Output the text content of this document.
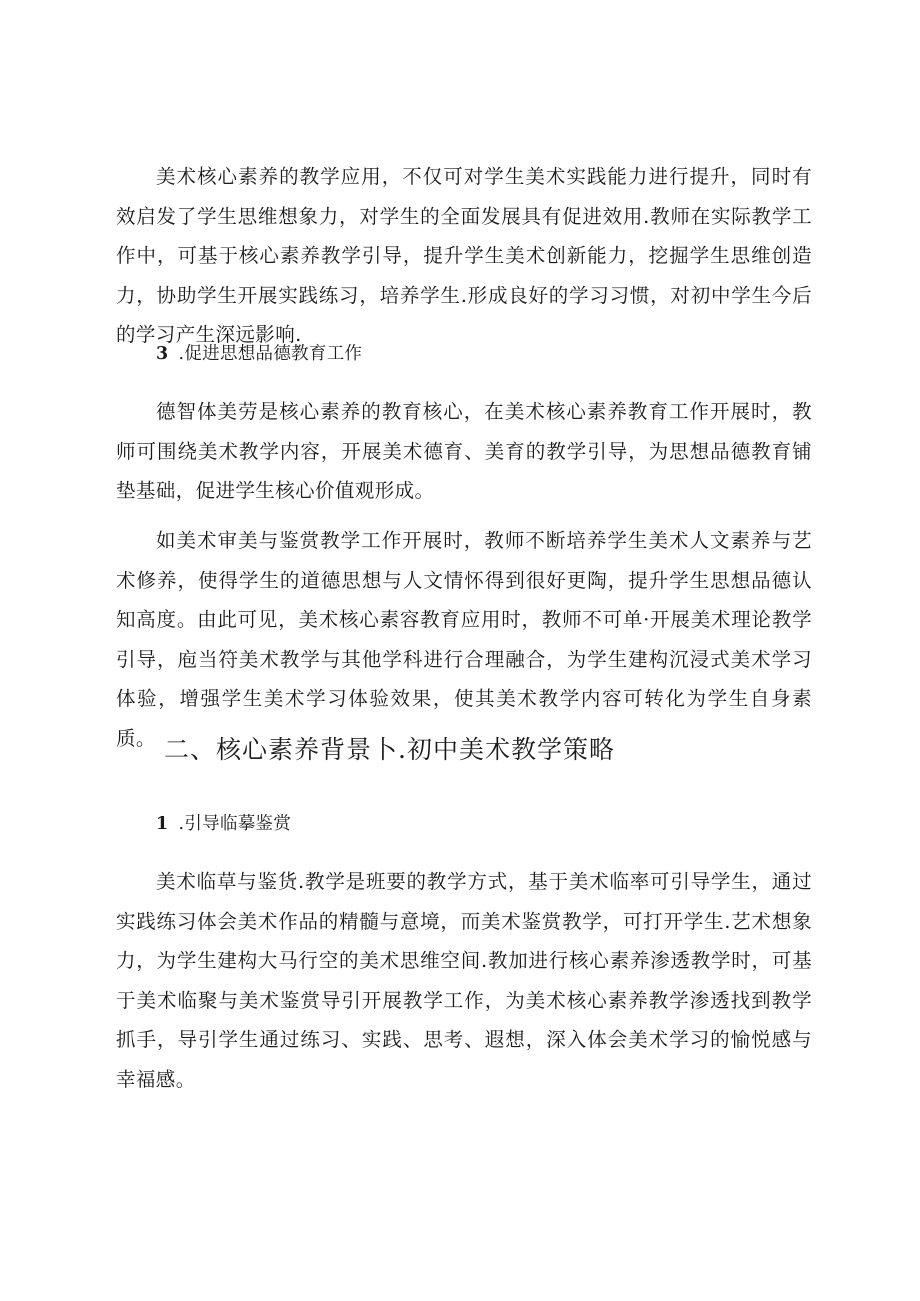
美术核心素养的教学应用，不仅可对学生美术实践能力进行提升，同时有效启发了学生思维想象力，对学生的全面发展具有促进效用.教师在实际教学工作中，可基于核心素养教学引导，提升学生美术创新能力，挖掘学生思维创造力，协助学生开展实践练习，培养学生.形成良好的学习习惯，对初中学生今后的学习产生深远影响.

3 .促进思想品德教育工作

德智体美劳是核心素养的教育核心，在美术核心素养教育工作开展时，教师可围绕美术教学内容，开展美术德育、美育的教学引导，为思想品德教育铺垫基础，促进学生核心价值观形成。

如美术审美与鉴赏教学工作开展时，教师不断培养学生美术人文素养与艺术修养，使得学生的道德思想与人文情怀得到很好更陶，提升学生思想品德认知高度。由此可见，美术核心素容教育应用时，教师不可单·开展美术理论教学引导，庖当符美术教学与其他学科进行合理融合，为学生建构沉浸式美术学习体验，增强学生美术学习体验效果，使其美术教学内容可转化为学生自身素质。 二、核心素养背景卜.初中美术教学策略
1 .引导临摹鉴赏

美术临草与鉴货.教学是班要的教学方式，基于美术临率可引导学生，通过实践练习体会美术作品的精髓与意境，而美术鉴赏教学，可打开学生.艺术想象力，为学生建构大马行空的美术思维空间.教加进行核心素养渗透教学时，可基于美术临聚与美术鉴赏导引开展教学工作，为美术核心素养教学渗透找到教学抓手，导引学生通过练习、实践、思考、遐想，深入体会美术学习的愉悦感与幸福感。
